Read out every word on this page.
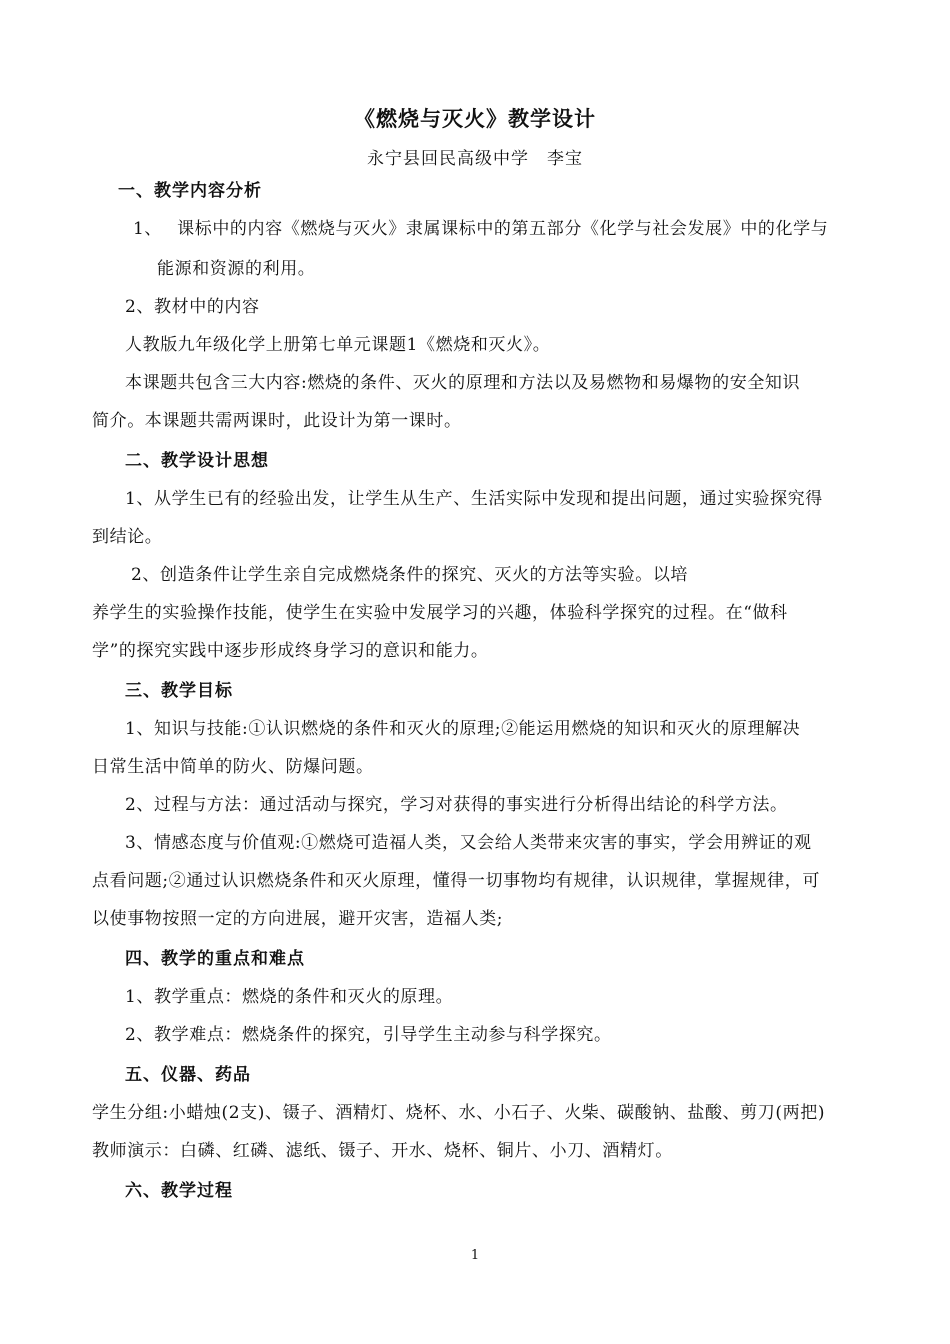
《燃烧与灭火》教学设计
永宁县回民高级中学　李宝
一、教学内容分析
1、　 课标中的内容《燃烧与灭火》隶属课标中的第五部分《化学与社会发展》中的化学与
能源和资源的利用。
2、教材中的内容
人教版九年级化学上册第七单元课题1《燃烧和灭火》。
本课题共包含三大内容:燃烧的条件、灭火的原理和方法以及易燃物和易爆物的安全知识
简介。本课题共需两课时，此设计为第一课时。
二、教学设计思想
1、从学生已有的经验出发，让学生从生产、生活实际中发现和提出问题，通过实验探究得
到结论。
2、创造条件让学生亲自完成燃烧条件的探究、灭火的方法等实验。以培
养学生的实验操作技能，使学生在实验中发展学习的兴趣，体验科学探究的过程。在“做科
学”的探究实践中逐步形成终身学习的意识和能力。
三、教学目标
1、知识与技能:①认识燃烧的条件和灭火的原理;②能运用燃烧的知识和灭火的原理解决
日常生活中简单的防火、防爆问题。
2、过程与方法：通过活动与探究，学习对获得的事实进行分析得出结论的科学方法。
3、情感态度与价值观:①燃烧可造福人类，又会给人类带来灾害的事实，学会用辨证的观
点看问题;②通过认识燃烧条件和灭火原理，懂得一切事物均有规律，认识规律，掌握规律，可
以使事物按照一定的方向进展，避开灾害，造福人类;
四、教学的重点和难点
1、教学重点：燃烧的条件和灭火的原理。
2、教学难点：燃烧条件的探究，引导学生主动参与科学探究。
五、仪器、药品
学生分组:小蜡烛(2支)、镊子、酒精灯、烧杯、水、小石子、火柴、碳酸钠、盐酸、剪刀(两把)
教师演示：白磷、红磷、滤纸、镊子、开水、烧杯、铜片、小刀、酒精灯。
六、教学过程
1
